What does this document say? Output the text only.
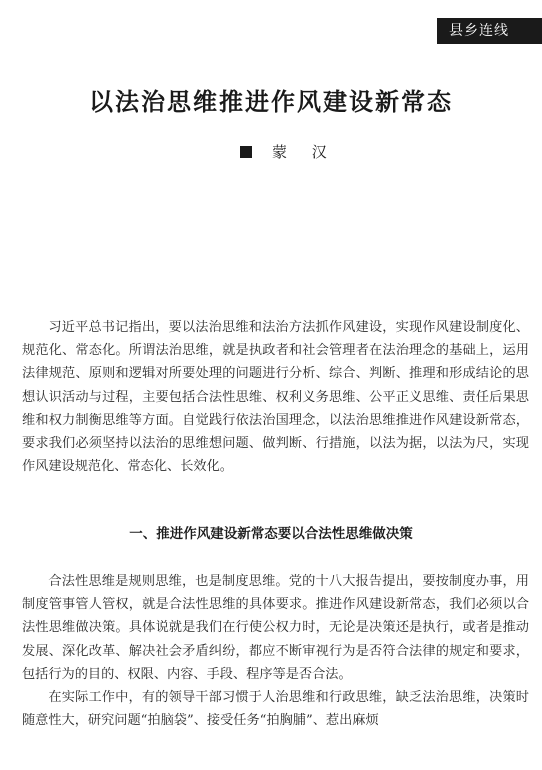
县乡连线
以法治思维推进作风建设新常态
蒙 汉

习近平总书记指出，要以法治思维和法治方法抓作风建设，实现作风建设制度化、规范化、常态化。所谓法治思维，就是执政者和社会管理者在法治理念的基础上，运用法律规范、原则和逻辑对所要处理的问题进行分析、综合、判断、推理和形成结论的思想认识活动与过程，主要包括合法性思维、权利义务思维、公平正义思维、责任后果思维和权力制衡思维等方面。自觉践行依法治国理念，以法治思维推进作风建设新常态，要求我们必须坚持以法治的思维想问题、做判断、行措施，以法为据，以法为尺，实现作风建设规范化、常态化、长效化。

一、推进作风建设新常态要以合法性思维做决策

合法性思维是规则思维，也是制度思维。党的十八大报告提出，要按制度办事，用制度管事管人管权，就是合法性思维的具体要求。推进作风建设新常态，我们必须以合法性思维做决策。具体说就是我们在行使公权力时，无论是决策还是执行，或者是推动发展、深化改革、解决社会矛盾纠纷，都应不断审视行为是否符合法律的规定和要求，包括行为的目的、权限、内容、手段、程序等是否合法。

在实际工作中，有的领导干部习惯于人治思维和行政思维，缺乏法治思维，决策时随意性大，研究问题“拍脑袋”、接受任务“拍胸脯”、惹出麻烦
